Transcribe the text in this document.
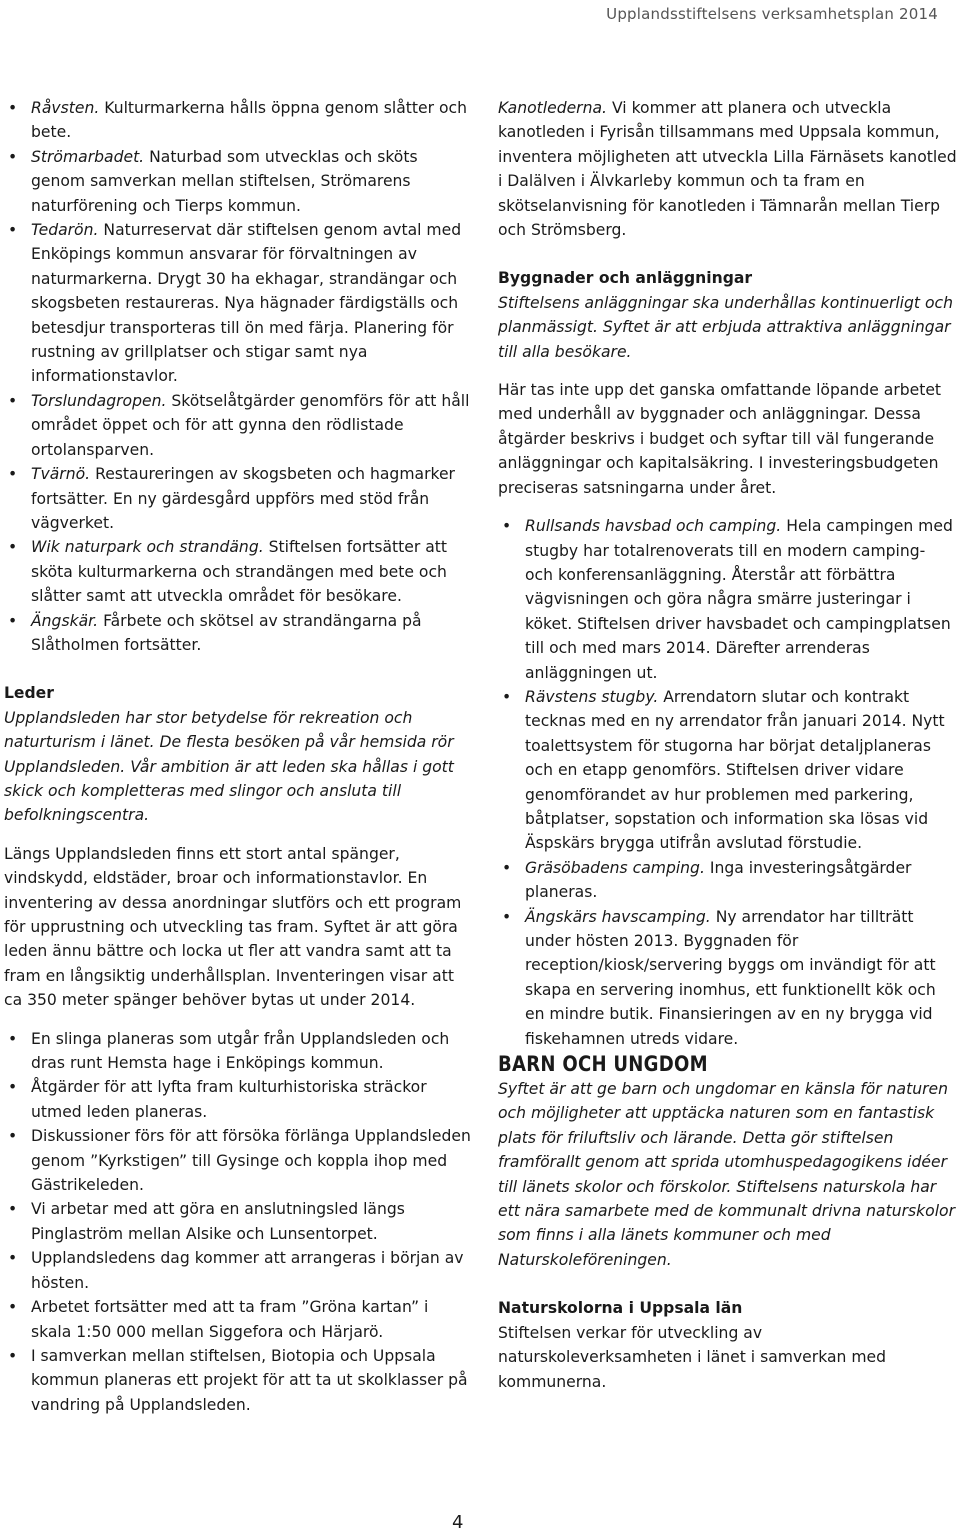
Upplandsstiftelsens verksamhetsplan 2014
• Råvsten. Kulturmarkerna hålls öppna genom slåtter och bete.
• Strömarbadet. Naturbad som utvecklas och sköts genom samverkan mellan stiftelsen, Strömarens naturförening och Tierps kommun.
• Tedarön. Naturreservat där stiftelsen genom avtal med Enköpings kommun ansvarar för förvaltningen av naturmarkerna. Drygt 30 ha ekhagar, strandängar och skogsbeten restaureras. Nya hägnader färdigställs och betesdjur transporteras till ön med färja. Planering för rustning av grillplatser och stigar samt nya informationstavlor.
• Torslundagropen. Skötselåtgärder genomförs för att håll området öppet och för att gynna den rödlistade ortolansparven.
• Tvärnö. Restaureringen av skogsbeten och hagmarker fortsätter. En ny gärdesgård uppförs med stöd från vägverket.
• Wik naturpark och strandäng. Stiftelsen fortsätter att sköta kulturmarkerna och strandängen med bete och slåtter samt att utveckla området för besökare.
• Ängskär. Fårbete och skötsel av strandängarna på Slåtholmen fortsätter.

Leder

Upplandsleden har stor betydelse för rekreation och naturturism i länet. De flesta besöken på vår hemsida rör Upplandsleden. Vår ambition är att leden ska hållas i gott skick och kompletteras med slingor och ansluta till befolkningscentra.

Längs Upplandsleden finns ett stort antal spänger, vindskydd, eldstäder, broar och informationstavlor. En inventering av dessa anordningar slutförs och ett program för upprustning och utveckling tas fram. Syftet är att göra leden ännu bättre och locka ut fler att vandra samt att ta fram en långsiktig underhållsplan. Inventeringen visar att ca 350 meter spänger behöver bytas ut under 2014.

• En slinga planeras som utgår från Upplandsleden och dras runt Hemsta hage i Enköpings kommun.
• Åtgärder för att lyfta fram kulturhistoriska sträckor utmed leden planeras.
• Diskussioner förs för att försöka förlänga Upplandsleden genom ”Kyrkstigen” till Gysinge och koppla ihop med Gästrikeleden.
• Vi arbetar med att göra en anslutningsled längs Pinglaström mellan Alsike och Lunsentorpet.
• Upplandsledens dag kommer att arrangeras i början av hösten.
• Arbetet fortsätter med att ta fram ”Gröna kartan” i skala 1:50 000 mellan Siggefora och Härjarö.
• I samverkan mellan stiftelsen, Biotopia och Uppsala kommun planeras ett projekt för att ta ut skolklasser på vandring på Upplandsleden.

Kanotlederna. Vi kommer att planera och utveckla kanotleden i Fyrisån tillsammans med Uppsala kommun, inventera möjligheten att utveckla Lilla Färnäsets kanotled i Dalälven i Älvkarleby kommun och ta fram en skötselanvisning för kanotleden i Tämnarån mellan Tierp och Strömsberg.

Byggnader och anläggningar

Stiftelsens anläggningar ska underhållas kontinuerligt och planmässigt. Syftet är att erbjuda attraktiva anläggningar till alla besökare.

Här tas inte upp det ganska omfattande löpande arbetet med underhåll av byggnader och anläggningar. Dessa åtgärder beskrivs i budget och syftar till väl fungerande anläggningar och kapitalsäkring. I investeringsbudgeten preciseras satsningarna under året.

• Rullsands havsbad och camping. Hela campingen med stugby har totalrenoverats till en modern camping- och konferensanläggning. Återstår att förbättra vägvisningen och göra några smärre justeringar i köket. Stiftelsen driver havsbadet och campingplatsen till och med mars 2014. Därefter arrenderas anläggningen ut.
• Rävstens stugby. Arrendatorn slutar och kontrakt tecknas med en ny arrendator från januari 2014. Nytt toalettsystem för stugorna har börjat detaljplaneras och en etapp genomförs. Stiftelsen driver vidare genomförandet av hur problemen med parkering, båtplatser, sopstation och information ska lösas vid Äspskärs brygga utifrån avslutad förstudie.
• Gräsöbadens camping. Inga investeringsåtgärder planeras.
• Ängskärs havscamping. Ny arrendator har tillträtt under hösten 2013. Byggnaden för reception/kiosk/servering byggs om invändigt för att skapa en servering inomhus, ett funktionellt kök och en mindre butik. Finansieringen av en ny brygga vid fiskehamnen utreds vidare.

BARN OCH UNGDOM

Syftet är att ge barn och ungdomar en känsla för naturen och möjligheter att upptäcka naturen som en fantastisk plats för friluftsliv och lärande. Detta gör stiftelsen framförallt genom att sprida utomhuspedagogikens idéer till länets skolor och förskolor. Stiftelsens naturskola har ett nära samarbete med de kommunalt drivna naturskolor som finns i alla länets kommuner och med Naturskoleföreningen.

Naturskolorna i Uppsala län

Stiftelsen verkar för utveckling av naturskoleverksamheten i länet i samverkan med kommunerna.

4
